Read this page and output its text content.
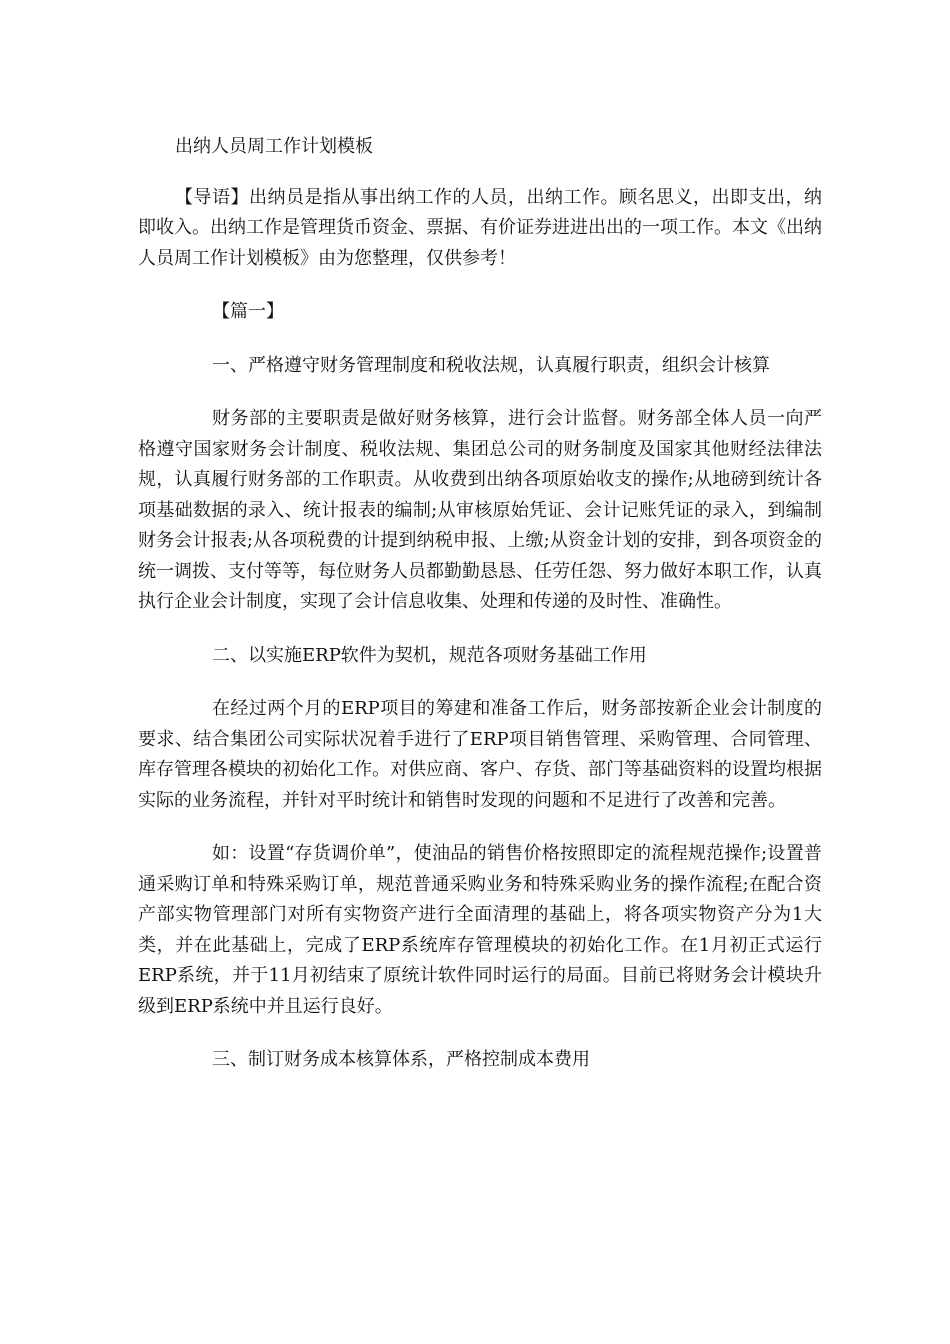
出纳人员周工作计划模板

【导语】出纳员是指从事出纳工作的人员，出纳工作。顾名思义，出即支出，纳即收入。出纳工作是管理货币资金、票据、有价证券进进出出的一项工作。本文《出纳人员周工作计划模板》由为您整理，仅供参考！

【篇一】

一、严格遵守财务管理制度和税收法规，认真履行职责，组织会计核算

财务部的主要职责是做好财务核算，进行会计监督。财务部全体人员一向严格遵守国家财务会计制度、税收法规、集团总公司的财务制度及国家其他财经法律法规，认真履行财务部的工作职责。从收费到出纳各项原始收支的操作;从地磅到统计各项基础数据的录入、统计报表的编制;从审核原始凭证、会计记账凭证的录入，到编制财务会计报表;从各项税费的计提到纳税申报、上缴;从资金计划的安排，到各项资金的统一调拨、支付等等，每位财务人员都勤勤恳恳、任劳任怨、努力做好本职工作，认真执行企业会计制度，实现了会计信息收集、处理和传递的及时性、准确性。

二、以实施ERP软件为契机，规范各项财务基础工作用

在经过两个月的ERP项目的筹建和准备工作后，财务部按新企业会计制度的要求、结合集团公司实际状况着手进行了ERP项目销售管理、采购管理、合同管理、库存管理各模块的初始化工作。对供应商、客户、存货、部门等基础资料的设置均根据实际的业务流程，并针对平时统计和销售时发现的问题和不足进行了改善和完善。

如：设置“存货调价单”，使油品的销售价格按照即定的流程规范操作;设置普通采购订单和特殊采购订单，规范普通采购业务和特殊采购业务的操作流程;在配合资产部实物管理部门对所有实物资产进行全面清理的基础上，将各项实物资产分为1大类，并在此基础上，完成了ERP系统库存管理模块的初始化工作。在1月初正式运行ERP系统，并于11月初结束了原统计软件同时运行的局面。目前已将财务会计模块升级到ERP系统中并且运行良好。

三、制订财务成本核算体系，严格控制成本费用
